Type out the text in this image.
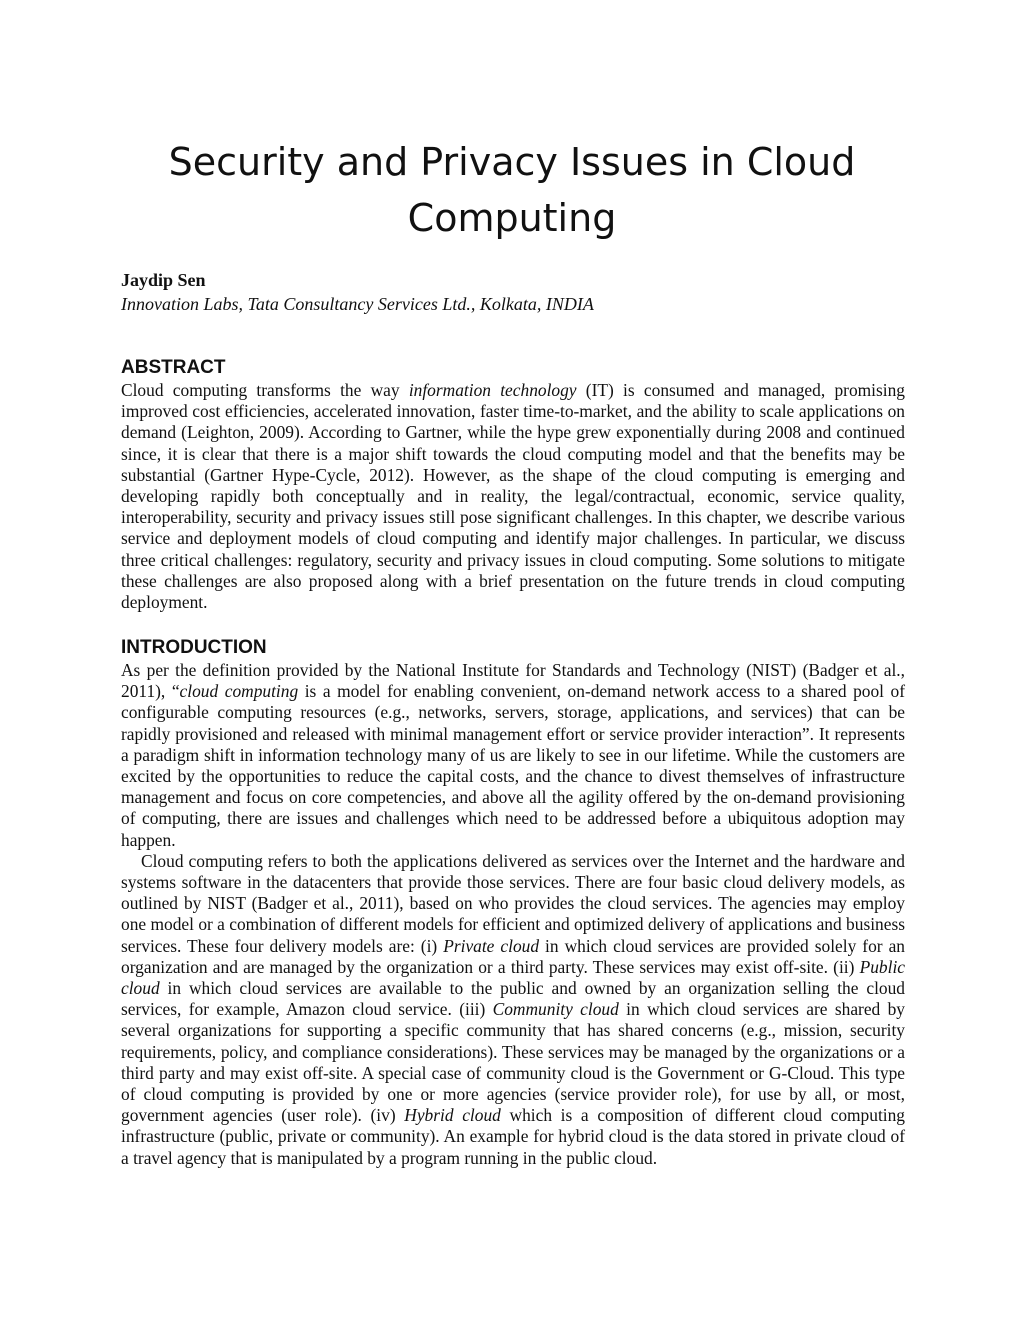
Security and Privacy Issues in Cloud Computing
Jaydip Sen
Innovation Labs, Tata Consultancy Services Ltd., Kolkata, INDIA
ABSTRACT

Cloud computing transforms the way information technology (IT) is consumed and managed, promising improved cost efficiencies, accelerated innovation, faster time-to-market, and the ability to scale applications on demand (Leighton, 2009). According to Gartner, while the hype grew exponentially during 2008 and continued since, it is clear that there is a major shift towards the cloud computing model and that the benefits may be substantial (Gartner Hype-Cycle, 2012). However, as the shape of the cloud computing is emerging and developing rapidly both conceptually and in reality, the legal/contractual, economic, service quality, interoperability, security and privacy issues still pose significant challenges. In this chapter, we describe various service and deployment models of cloud computing and identify major challenges. In particular, we discuss three critical challenges: regulatory, security and privacy issues in cloud computing. Some solutions to mitigate these challenges are also proposed along with a brief presentation on the future trends in cloud computing deployment.

INTRODUCTION

As per the definition provided by the National Institute for Standards and Technology (NIST) (Badger et al., 2011), “cloud computing is a model for enabling convenient, on-demand network access to a shared pool of configurable computing resources (e.g., networks, servers, storage, applications, and services) that can be rapidly provisioned and released with minimal management effort or service provider interaction”. It represents a paradigm shift in information technology many of us are likely to see in our lifetime. While the customers are excited by the opportunities to reduce the capital costs, and the chance to divest themselves of infrastructure management and focus on core competencies, and above all the agility offered by the on-demand provisioning of computing, there are issues and challenges which need to be addressed before a ubiquitous adoption may happen.

Cloud computing refers to both the applications delivered as services over the Internet and the hardware and systems software in the datacenters that provide those services. There are four basic cloud delivery models, as outlined by NIST (Badger et al., 2011), based on who provides the cloud services. The agencies may employ one model or a combination of different models for efficient and optimized delivery of applications and business services. These four delivery models are: (i) Private cloud in which cloud services are provided solely for an organization and are managed by the organization or a third party. These services may exist off-site. (ii) Public cloud in which cloud services are available to the public and owned by an organization selling the cloud services, for example, Amazon cloud service. (iii) Community cloud in which cloud services are shared by several organizations for supporting a specific community that has shared concerns (e.g., mission, security requirements, policy, and compliance considerations). These services may be managed by the organizations or a third party and may exist off-site. A special case of community cloud is the Government or G-Cloud. This type of cloud computing is provided by one or more agencies (service provider role), for use by all, or most, government agencies (user role). (iv) Hybrid cloud which is a composition of different cloud computing infrastructure (public, private or community). An example for hybrid cloud is the data stored in private cloud of a travel agency that is manipulated by a program running in the public cloud.
